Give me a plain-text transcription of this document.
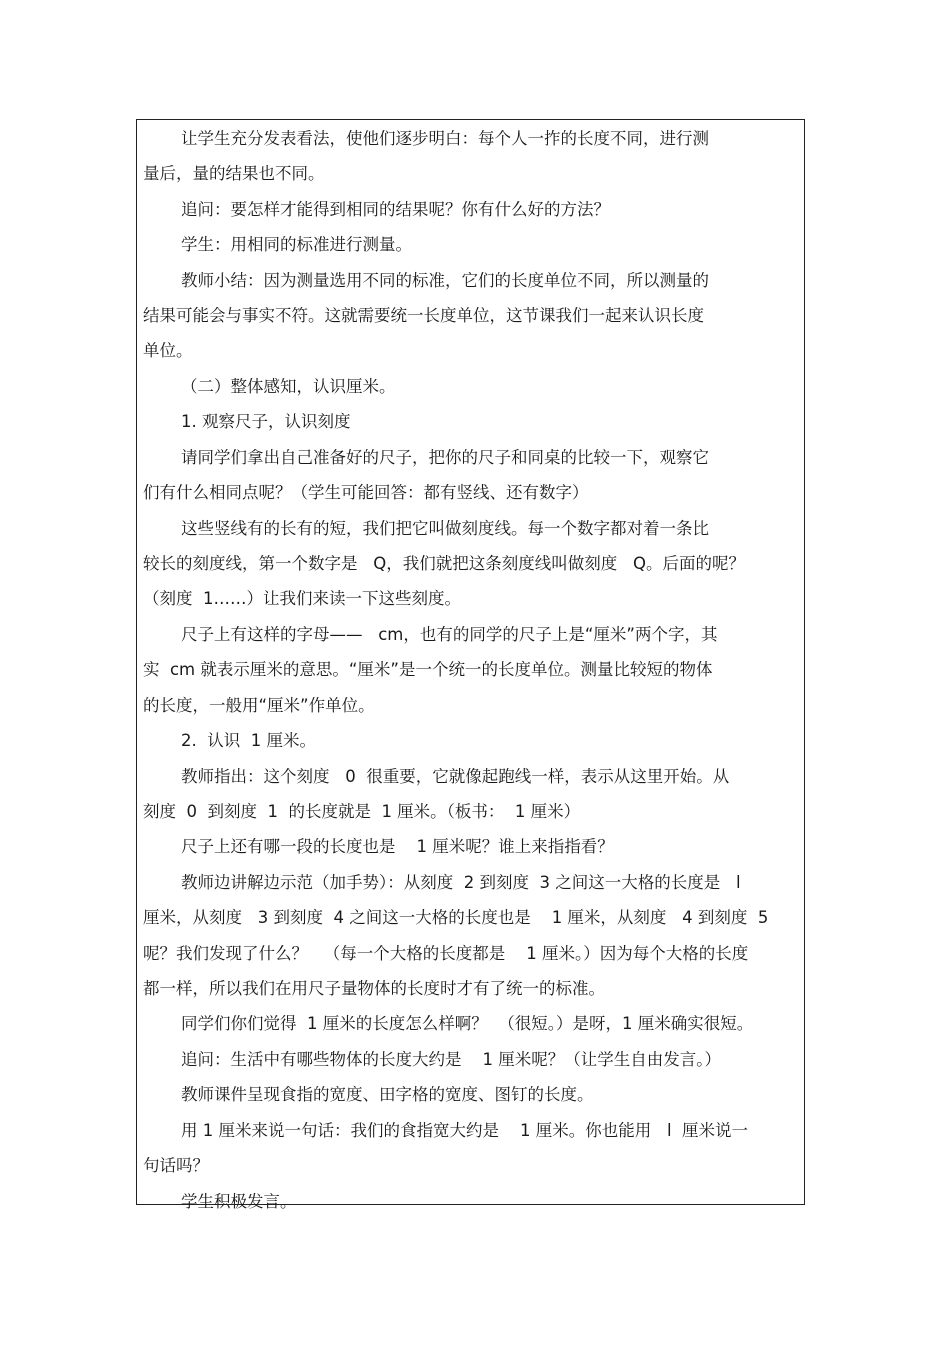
让学生充分发表看法，使他们逐步明白：每个人一拃的长度不同，进行测
量后，量的结果也不同。
追问：要怎样才能得到相同的结果呢？你有什么好的方法？
学生：用相同的标准进行测量。
教师小结：因为测量选用不同的标准，它们的长度单位不同，所以测量的
结果可能会与事实不符。这就需要统一长度单位，这节课我们一起来认识长度
单位。
（二）整体感知，认识厘米。
1. 观察尺子，认识刻度
请同学们拿出自己准备好的尺子，把你的尺子和同桌的比较一下，观察它
们有什么相同点呢？（学生可能回答：都有竖线、还有数字）
这些竖线有的长有的短，我们把它叫做刻度线。每一个数字都对着一条比
较长的刻度线，第一个数字是   Q，我们就把这条刻度线叫做刻度   Q。后面的呢？
（刻度  1……）让我们来读一下这些刻度。
尺子上有这样的字母——   cm，也有的同学的尺子上是“厘米”两个字，其
实  cm 就表示厘米的意思。“厘米”是一个统一的长度单位。测量比较短的物体
的长度，一般用“厘米”作单位。
2.  认识  1 厘米。
教师指出：这个刻度   0  很重要，它就像起跑线一样，表示从这里开始。从
刻度  0  到刻度  1  的长度就是  1 厘米。（板书：  1 厘米）
尺子上还有哪一段的长度也是    1 厘米呢？谁上来指指看？
教师边讲解边示范（加手势）：从刻度  2 到刻度  3 之间这一大格的长度是   l
厘米，从刻度   3 到刻度  4 之间这一大格的长度也是    1 厘米，从刻度   4 到刻度  5
呢？我们发现了什么？   （每一个大格的长度都是    1 厘米。）因为每个大格的长度
都一样，所以我们在用尺子量物体的长度时才有了统一的标准。
同学们你们觉得  1 厘米的长度怎么样啊？  （很短。）是呀，1 厘米确实很短。
追问：生活中有哪些物体的长度大约是    1 厘米呢？（让学生自由发言。）
教师课件呈现食指的宽度、田字格的宽度、图钉的长度。
用 1 厘米来说一句话：我们的食指宽大约是    1 厘米。你也能用   l  厘米说一
句话吗？
学生积极发言。
